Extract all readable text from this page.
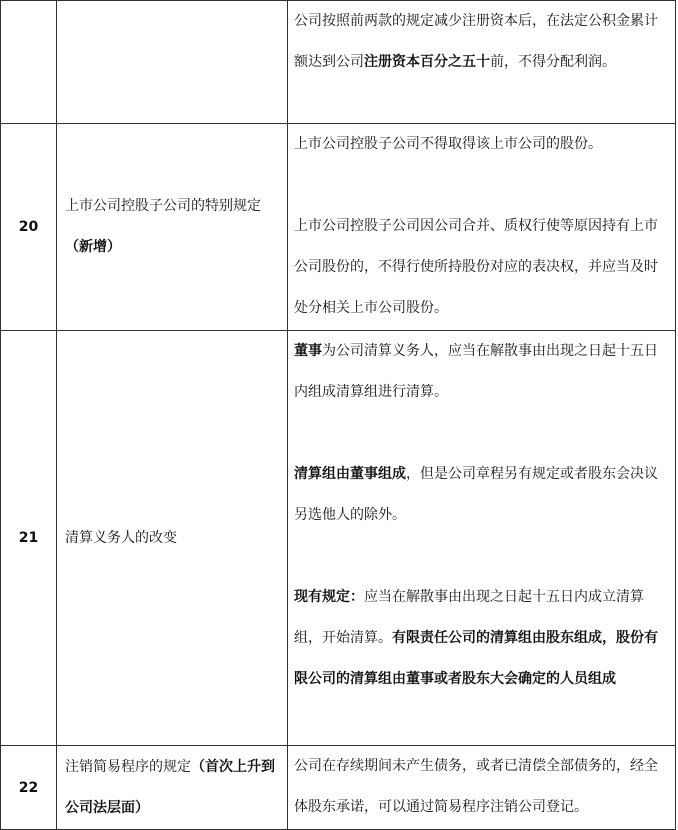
		公司按照前两款的规定减少注册资本后，在法定公积金累计额达到公司注册资本百分之五十前，不得分配利润。

20	上市公司控股子公司的特别规定（新增）	上市公司控股子公司不得取得该上市公司的股份。
上市公司控股子公司因公司合并、质权行使等原因持有上市公司股份的，不得行使所持股份对应的表决权，并应当及时处分相关上市公司股份。

21	清算义务人的改变	董事为公司清算义务人，应当在解散事由出现之日起十五日内组成清算组进行清算。
清算组由董事组成，但是公司章程另有规定或者股东会决议另选他人的除外。
现有规定：应当在解散事由出现之日起十五日内成立清算组，开始清算。有限责任公司的清算组由股东组成，股份有限公司的清算组由董事或者股东大会确定的人员组成

22	注销简易程序的规定（首次上升到公司法层面）	公司在存续期间未产生债务，或者已清偿全部债务的，经全体股东承诺，可以通过简易程序注销公司登记。
